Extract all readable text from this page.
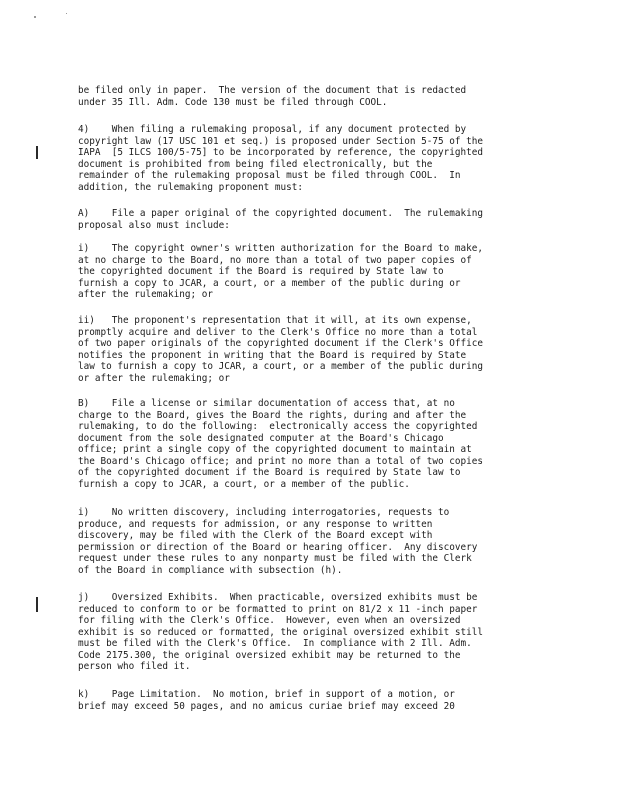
be filed only in paper.  The version of the document that is redacted
under 35 Ill. Adm. Code 130 must be filed through COOL.
4)    When filing a rulemaking proposal, if any document protected by
copyright law (17 USC 101 et seq.) is proposed under Section 5-75 of the
IAPA  [5 ILCS 100/5-75] to be incorporated by reference, the copyrighted
document is prohibited from being filed electronically, but the
remainder of the rulemaking proposal must be filed through COOL.  In
addition, the rulemaking proponent must:
A)    File a paper original of the copyrighted document.  The rulemaking
proposal also must include:
i)    The copyright owner's written authorization for the Board to make,
at no charge to the Board, no more than a total of two paper copies of
the copyrighted document if the Board is required by State law to
furnish a copy to JCAR, a court, or a member of the public during or
after the rulemaking; or
ii)   The proponent's representation that it will, at its own expense,
promptly acquire and deliver to the Clerk's Office no more than a total
of two paper originals of the copyrighted document if the Clerk's Office
notifies the proponent in writing that the Board is required by State
law to furnish a copy to JCAR, a court, or a member of the public during
or after the rulemaking; or
B)    File a license or similar documentation of access that, at no
charge to the Board, gives the Board the rights, during and after the
rulemaking, to do the following:  electronically access the copyrighted
document from the sole designated computer at the Board's Chicago
office; print a single copy of the copyrighted document to maintain at
the Board's Chicago office; and print no more than a total of two copies
of the copyrighted document if the Board is required by State law to
furnish a copy to JCAR, a court, or a member of the public.
i)    No written discovery, including interrogatories, requests to
produce, and requests for admission, or any response to written
discovery, may be filed with the Clerk of the Board except with
permission or direction of the Board or hearing officer.  Any discovery
request under these rules to any nonparty must be filed with the Clerk
of the Board in compliance with subsection (h).
j)    Oversized Exhibits.  When practicable, oversized exhibits must be
reduced to conform to or be formatted to print on 81/2 x 11 -inch paper
for filing with the Clerk's Office.  However, even when an oversized
exhibit is so reduced or formatted, the original oversized exhibit still
must be filed with the Clerk's Office.  In compliance with 2 Ill. Adm.
Code 2175.300, the original oversized exhibit may be returned to the
person who filed it.
k)    Page Limitation.  No motion, brief in support of a motion, or
brief may exceed 50 pages, and no amicus curiae brief may exceed 20
